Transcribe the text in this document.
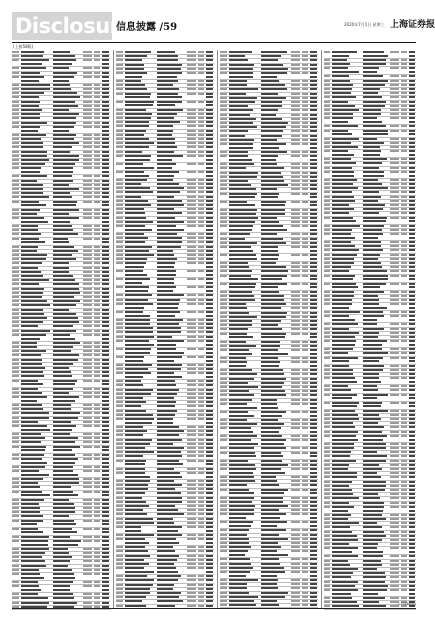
Disclosure
信息披露 /59	2020年7月1日 星期三 上海证券报
(上接58版)
(下转60版)
